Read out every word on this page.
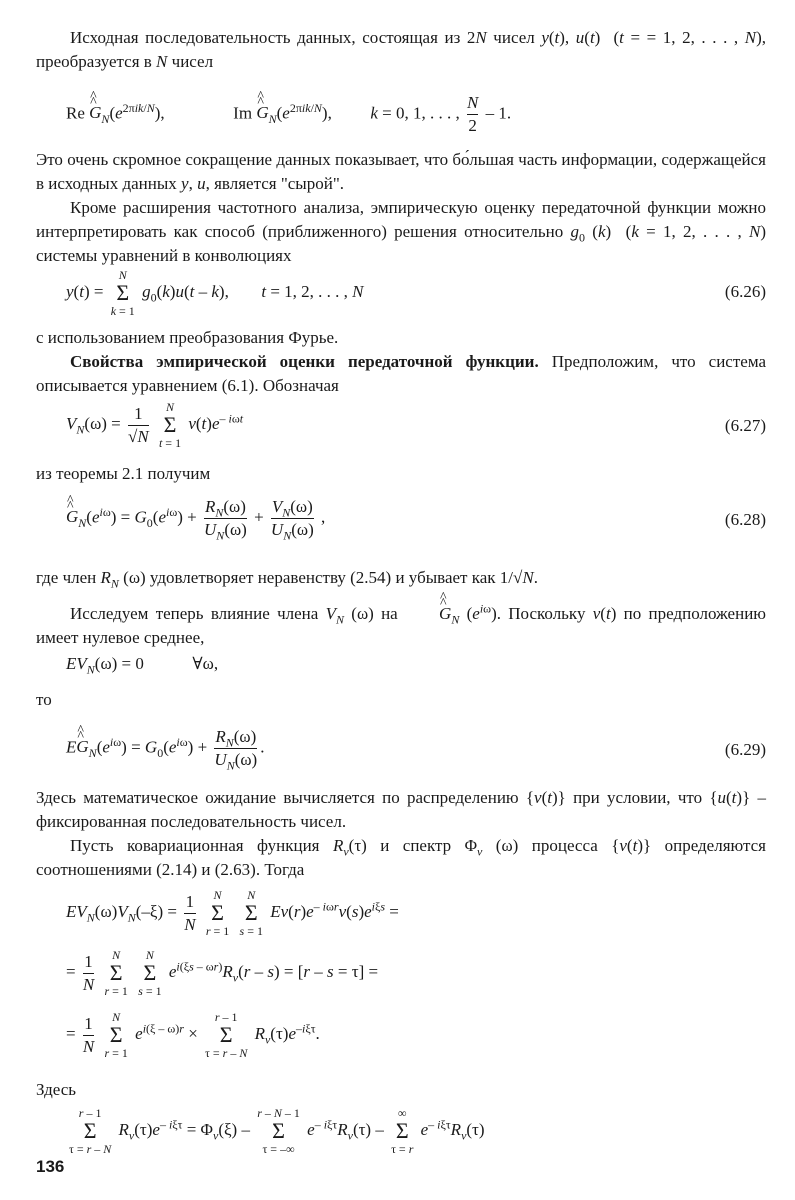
Исходная последовательность данных, состоящая из 2N чисел y(t), u(t)  (t = = 1, 2, . . . , N), преобразуется в N чисел

Re ^ G $\^{}_N(e^{2\pi ik/N})$,	Im ^ G $\^{}_N(e^{2\pi ik/N})$,  k = 0, 1, . . . , $\frac{N}{2} - 1$.

Это очень скромное сокращение данных показывает, что бо́льшая часть информации, содержащейся в исходных данных y, u, является "сырой".

Кроме расширения частотного анализа, эмпирическую оценку передаточной функции можно интерпретировать как способ (приближенного) решения относительно $g_0$ (k)  (k = 1, 2, . . . , N) системы уравнений в конволюциях

y(t) =
N
Σ
k = 1
$g_0(k)u(t - k)$,  t = 1, 2, . . . , N	(6.26)

с использованием преобразования Фурье.

Свойства эмпирической оценки передаточной функции. Предположим, что система описывается уравнением (6.1). Обозначая

$V_N(\omega) = \frac{1}{√N}$
	N
Σ
t = 1
$v(t)e^{- i\omega t}$	(6.27)

из теоремы 2.1 получим

^ G $\^{}_N(e^{i\omega}) = G_0(e^{i\omega}) + \frac{R_N(\omega)}{U_N(\omega)} + \frac{V_N(\omega)}{U_N(\omega)}$ ,	(6.28)

где член $R_N$ (ω) удовлетворяет неравенству (2.54) и убывает как 1/√N.

Исследуем теперь влияние члена $V_N$ (ω) на ^ G $\^{}_N$ $(e^{i\omega})$. Поскольку v(t) по предположению имеет нулевое среднее,

$EV_N(\omega) = 0$  ∀ω,

то

E^ G $\^{}_N(e^{i\omega}) = G_0(e^{i\omega}) + \frac{R_N(\omega)}{U_N(\omega)}$ .	(6.29)

Здесь математическое ожидание вычисляется по распределению {v(t)} при условии, что {u(t)} – фиксированная последовательность чисел.

Пусть ковариационная функция $R_v(\tau)$ и спектр $\Phi_v$ (ω) процесса {v(t)} определяются соотношениями (2.14) и (2.63). Тогда

$EV_N(\omega)V_N(-\xi) = \frac{1}{N}$
	N
Σ
r = 1

N
Σ
s = 1
$Ev(r)e^{- i\omega r}v(s)e^{i\xi s}$ =
= $\frac{1}{N}$
	N
Σ
r = 1

N
Σ
s = 1
$e^{i(\xi s - \omega r)}R_v(r - s) = [r - s = \tau]$ =
= $\frac{1}{N}$
	N
Σ
r = 1
$e^{i(\xi - \omega)r}$ ×
r – 1
Σ
τ = r – N
$R_v(\tau)e^{-i\xi\tau}$.

Здесь

r – 1
Σ
τ = r – N
$R_v(\tau)e^{- i\xi\tau} = \Phi_v(\xi)$ –
r – N – 1
Σ
τ = –∞
$e^{- i\xi\tau}R_v(\tau)$ –
∞
Σ
τ = r
$e^{- i\xi\tau}R_v(\tau)$
136
